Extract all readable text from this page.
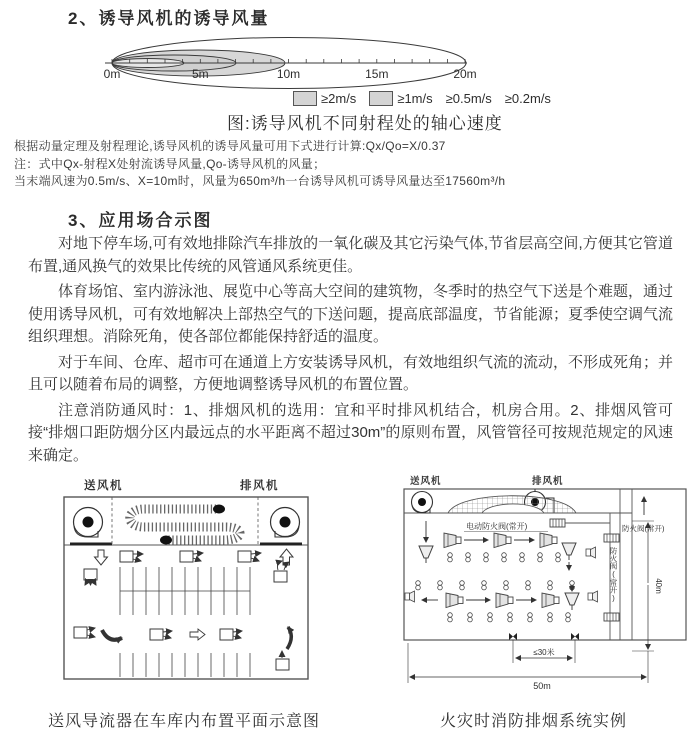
2、诱导风机的诱导风量
0m	5m	10m	15m	20m
≥2m/s	≥1m/s ≥0.5m/s ≥0.2m/s
图:诱导风机不同射程处的轴心速度
根据动量定理及射程理论,诱导风机的诱导风量可用下式进行计算:Qx/Qo=X/0.37
注：式中Qx-射程X处射流诱导风量,Qo-诱导风机的风量；
当末端风速为0.5m/s、X=10m时，风量为650m³/h一台诱导风机可诱导风量达至17560m³/h
3、应用场合示图

对地下停车场,可有效地排除汽车排放的一氧化碳及其它污染气体,节省层高空间,方便其它管道布置,通风换气的效果比传统的风管通风系统更佳。

体育场馆、室内游泳池、展览中心等高大空间的建筑物，冬季时的热空气下送是个难题，通过使用诱导风机，可有效地解决上部热空气的下送问题，提高底部温度，节省能源；夏季使空调气流组织理想。消除死角，使各部位都能保持舒适的温度。

对于车间、仓库、超市可在通道上方安装诱导风机，有效地组织气流的流动，不形成死角；并且可以随着布局的调整，方便地调整诱导风机的布置位置。

注意消防通风时：1、排烟风机的选用：宜和平时排风机结合，机房合用。2、排烟风管可接“排烟口距防烟分区内最远点的水平距离不超过30m”的原则布置，风管管径可按规范规定的风速来确定。

送风机	排风机	送风机	排风机
电动防火阀(常开)	防火阀(常开)
防火阀(常开)
≤30米
50m
40m
送风导流器在车库内布置平面示意图	火灾时消防排烟系统实例
